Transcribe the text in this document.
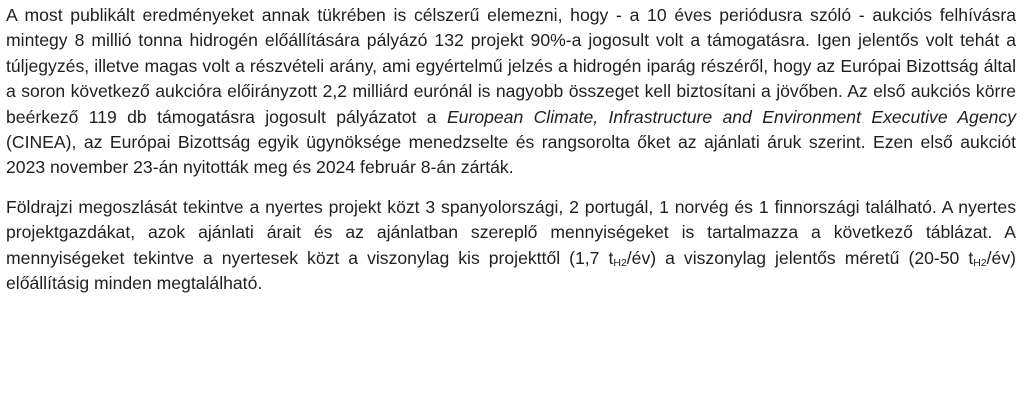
A most publikált eredményeket annak tükrében is célszerű elemezni, hogy - a 10 éves periódusra szóló - aukciós felhívásra mintegy 8 millió tonna hidrogén előállítására pályázó 132 projekt 90%-a jogosult volt a támogatásra. Igen jelentős volt tehát a túljegyzés, illetve magas volt a részvételi arány, ami egyértelmű jelzés a hidrogén iparág részéről, hogy az Európai Bizottság által a soron következő aukcióra előirányzott 2,2 milliárd eurónál is nagyobb összeget kell biztosítani a jövőben. Az első aukciós körre beérkező 119 db támogatásra jogosult pályázatot a European Climate, Infrastructure and Environment Executive Agency (CINEA), az Európai Bizottság egyik ügynöksége menedzselte és rangsorolta őket az ajánlati áruk szerint. Ezen első aukciót 2023 november 23-án nyitották meg és 2024 február 8-án zárták.

Földrajzi megoszlását tekintve a nyertes projekt közt 3 spanyolországi, 2 portugál, 1 norvég és 1 finnországi található. A nyertes projektgazdákat, azok ajánlati árait és az ajánlatban szereplő mennyiségeket is tartalmazza a következő táblázat. A mennyiségeket tekintve a nyertesek közt a viszonylag kis projekttől (1,7 $t_{H2}/év$) a viszonylag jelentős méretű (20-50 $t_{H2}/év$) előállításig minden megtalálható.
